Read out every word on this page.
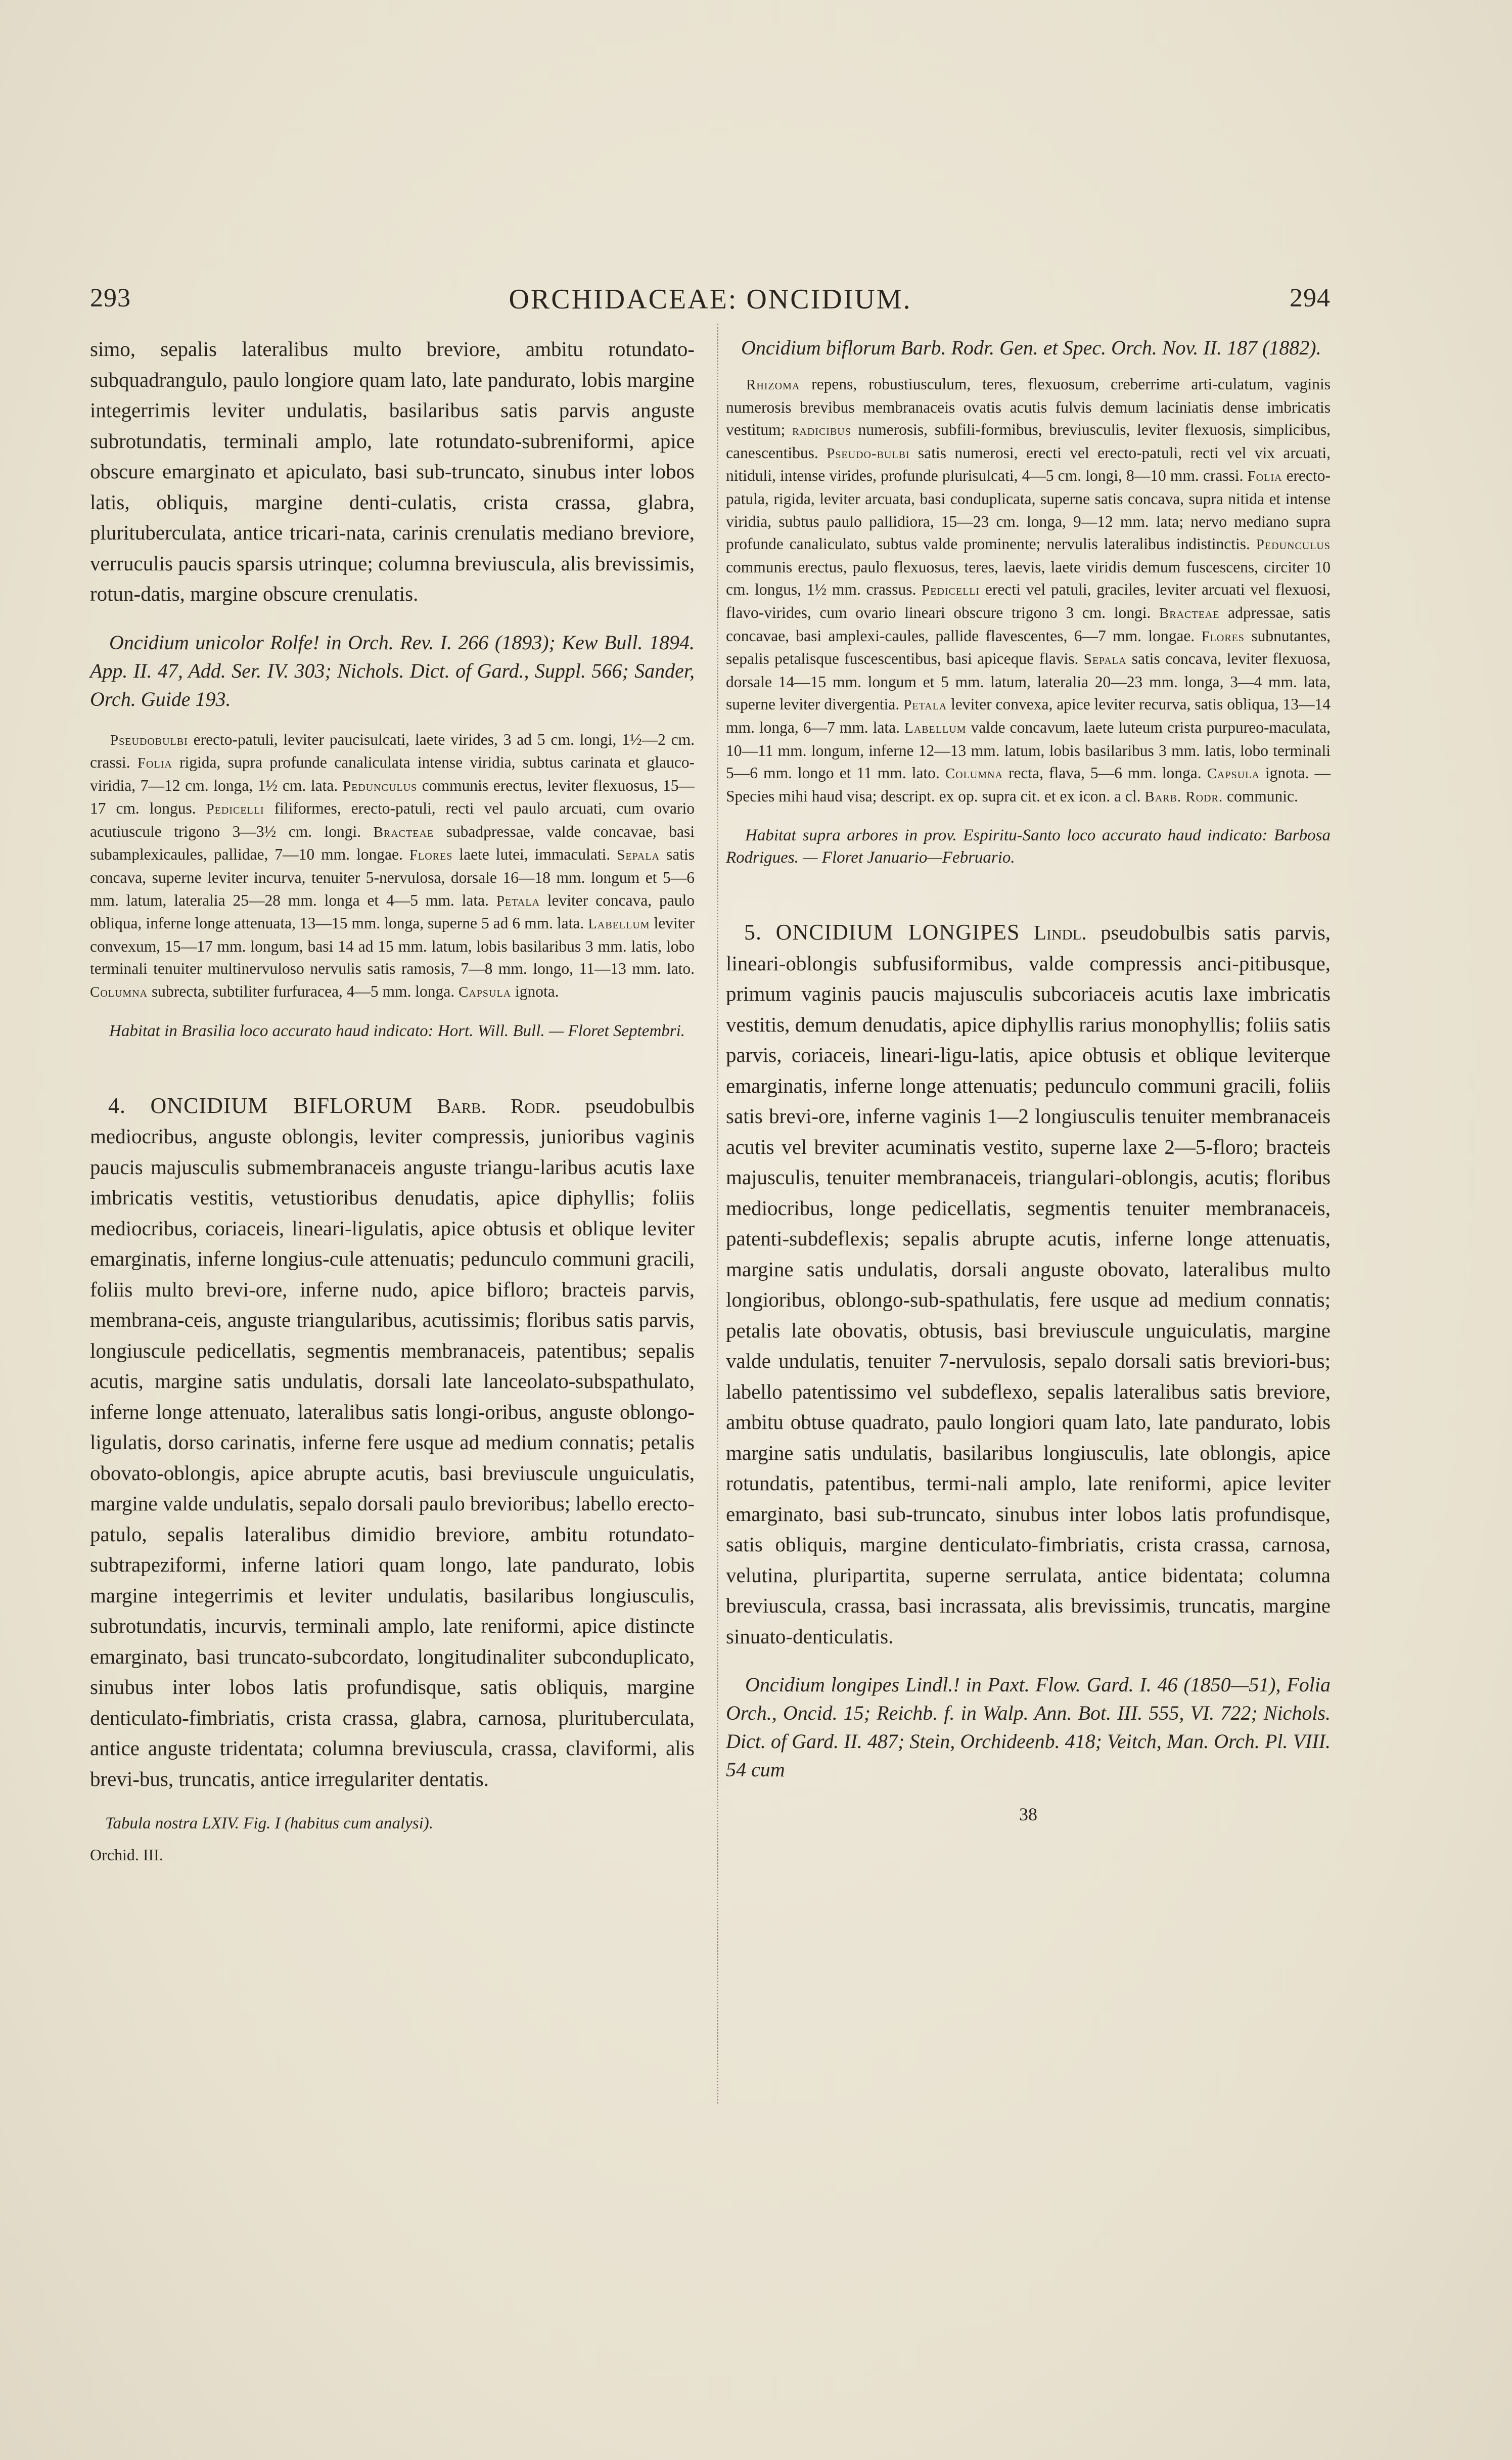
293	ORCHIDACEAE: ONCIDIUM.	294

simo, sepalis lateralibus multo breviore, ambitu rotundato-subquadrangulo, paulo longiore quam lato, late pandurato, lobis margine integerrimis leviter undulatis, basilaribus satis parvis anguste subrotundatis, terminali amplo, late rotundato-subreniformi, apice obscure emarginato et apiculato, basi sub-truncato, sinubus inter lobos latis, obliquis, margine denti-culatis, crista crassa, glabra, plurituberculata, antice tricari-nata, carinis crenulatis mediano breviore, verruculis paucis sparsis utrinque; columna breviuscula, alis brevissimis, rotun-datis, margine obscure crenulatis.

Oncidium unicolor Rolfe! in Orch. Rev. I. 266 (1893); Kew Bull. 1894. App. II. 47, Add. Ser. IV. 303; Nichols. Dict. of Gard., Suppl. 566; Sander, Orch. Guide 193.

Pseudobulbi erecto-patuli, leviter paucisulcati, laete virides, 3 ad 5 cm. longi, 1½—2 cm. crassi. Folia rigida, supra profunde canaliculata intense viridia, subtus carinata et glauco-viridia, 7—12 cm. longa, 1½ cm. lata. Pedunculus communis erectus, leviter flexuosus, 15—17 cm. longus. Pedicelli filiformes, erecto-patuli, recti vel paulo arcuati, cum ovario acutiuscule trigono 3—3½ cm. longi. Bracteae subadpressae, valde concavae, basi subamplexicaules, pallidae, 7—10 mm. longae. Flores laete lutei, immaculati. Sepala satis concava, superne leviter incurva, tenuiter 5-nervulosa, dorsale 16—18 mm. longum et 5—6 mm. latum, lateralia 25—28 mm. longa et 4—5 mm. lata. Petala leviter concava, paulo obliqua, inferne longe attenuata, 13—15 mm. longa, superne 5 ad 6 mm. lata. Labellum leviter convexum, 15—17 mm. longum, basi 14 ad 15 mm. latum, lobis basilaribus 3 mm. latis, lobo terminali tenuiter multinervuloso nervulis satis ramosis, 7—8 mm. longo, 11—13 mm. lato. Columna subrecta, subtiliter furfuracea, 4—5 mm. longa. Capsula ignota.

Habitat in Brasilia loco accurato haud indicato: Hort. Will. Bull. — Floret Septembri.

4. ONCIDIUM BIFLORUM Barb. Rodr. pseudobulbis mediocribus, anguste oblongis, leviter compressis, junioribus vaginis paucis majusculis submembranaceis anguste triangu-laribus acutis laxe imbricatis vestitis, vetustioribus denudatis, apice diphyllis; foliis mediocribus, coriaceis, lineari-ligulatis, apice obtusis et oblique leviter emarginatis, inferne longius-cule attenuatis; pedunculo communi gracili, foliis multo brevi-ore, inferne nudo, apice bifloro; bracteis parvis, membrana-ceis, anguste triangularibus, acutissimis; floribus satis parvis, longiuscule pedicellatis, segmentis membranaceis, patentibus; sepalis acutis, margine satis undulatis, dorsali late lanceolato-subspathulato, inferne longe attenuato, lateralibus satis longi-oribus, anguste oblongo-ligulatis, dorso carinatis, inferne fere usque ad medium connatis; petalis obovato-oblongis, apice abrupte acutis, basi breviuscule unguiculatis, margine valde undulatis, sepalo dorsali paulo brevioribus; labello erecto-patulo, sepalis lateralibus dimidio breviore, ambitu rotundato-subtrapeziformi, inferne latiori quam longo, late pandurato, lobis margine integerrimis et leviter undulatis, basilaribus longiusculis, subrotundatis, incurvis, terminali amplo, late reniformi, apice distincte emarginato, basi truncato-subcordato, longitudinaliter subconduplicato, sinubus inter lobos latis profundisque, satis obliquis, margine denticulato-fimbriatis, crista crassa, glabra, carnosa, plurituberculata, antice anguste tridentata; columna breviuscula, crassa, claviformi, alis brevi-bus, truncatis, antice irregulariter dentatis.

Tabula nostra LXIV. Fig. I (habitus cum analysi).

Orchid. III.

Oncidium biflorum Barb. Rodr. Gen. et Spec. Orch. Nov. II. 187 (1882).

Rhizoma repens, robustiusculum, teres, flexuosum, creberrime arti-culatum, vaginis numerosis brevibus membranaceis ovatis acutis fulvis demum laciniatis dense imbricatis vestitum; radicibus numerosis, subfili-formibus, breviusculis, leviter flexuosis, simplicibus, canescentibus. Pseudo-bulbi satis numerosi, erecti vel erecto-patuli, recti vel vix arcuati, nitiduli, intense virides, profunde plurisulcati, 4—5 cm. longi, 8—10 mm. crassi. Folia erecto-patula, rigida, leviter arcuata, basi conduplicata, superne satis concava, supra nitida et intense viridia, subtus paulo pallidiora, 15—23 cm. longa, 9—12 mm. lata; nervo mediano supra profunde canaliculato, subtus valde prominente; nervulis lateralibus indistinctis. Pedunculus communis erectus, paulo flexuosus, teres, laevis, laete viridis demum fuscescens, circiter 10 cm. longus, 1½ mm. crassus. Pedicelli erecti vel patuli, graciles, leviter arcuati vel flexuosi, flavo-virides, cum ovario lineari obscure trigono 3 cm. longi. Bracteae adpressae, satis concavae, basi amplexi-caules, pallide flavescentes, 6—7 mm. longae. Flores subnutantes, sepalis petalisque fuscescentibus, basi apiceque flavis. Sepala satis concava, leviter flexuosa, dorsale 14—15 mm. longum et 5 mm. latum, lateralia 20—23 mm. longa, 3—4 mm. lata, superne leviter divergentia. Petala leviter convexa, apice leviter recurva, satis obliqua, 13—14 mm. longa, 6—7 mm. lata. Labellum valde concavum, laete luteum crista purpureo-maculata, 10—11 mm. longum, inferne 12—13 mm. latum, lobis basilaribus 3 mm. latis, lobo terminali 5—6 mm. longo et 11 mm. lato. Columna recta, flava, 5—6 mm. longa. Capsula ignota. — Species mihi haud visa; descript. ex op. supra cit. et ex icon. a cl. Barb. Rodr. communic.

Habitat supra arbores in prov. Espiritu-Santo loco accurato haud indicato: Barbosa Rodrigues. — Floret Januario—Februario.

5. ONCIDIUM LONGIPES Lindl. pseudobulbis satis parvis, lineari-oblongis subfusiformibus, valde compressis anci-pitibusque, primum vaginis paucis majusculis subcoriaceis acutis laxe imbricatis vestitis, demum denudatis, apice diphyllis rarius monophyllis; foliis satis parvis, coriaceis, lineari-ligu-latis, apice obtusis et oblique leviterque emarginatis, inferne longe attenuatis; pedunculo communi gracili, foliis satis brevi-ore, inferne vaginis 1—2 longiusculis tenuiter membranaceis acutis vel breviter acuminatis vestito, superne laxe 2—5-floro; bracteis majusculis, tenuiter membranaceis, triangulari-oblongis, acutis; floribus mediocribus, longe pedicellatis, segmentis tenuiter membranaceis, patenti-subdeflexis; sepalis abrupte acutis, inferne longe attenuatis, margine satis undulatis, dorsali anguste obovato, lateralibus multo longioribus, oblongo-sub-spathulatis, fere usque ad medium connatis; petalis late obovatis, obtusis, basi breviuscule unguiculatis, margine valde undulatis, tenuiter 7-nervulosis, sepalo dorsali satis breviori-bus; labello patentissimo vel subdeflexo, sepalis lateralibus satis breviore, ambitu obtuse quadrato, paulo longiori quam lato, late pandurato, lobis margine satis undulatis, basilaribus longiusculis, late oblongis, apice rotundatis, patentibus, termi-nali amplo, late reniformi, apice leviter emarginato, basi sub-truncato, sinubus inter lobos latis profundisque, satis obliquis, margine denticulato-fimbriatis, crista crassa, carnosa, velutina, pluripartita, superne serrulata, antice bidentata; columna breviuscula, crassa, basi incrassata, alis brevissimis, truncatis, margine sinuato-denticulatis.

Oncidium longipes Lindl.! in Paxt. Flow. Gard. I. 46 (1850—51), Folia Orch., Oncid. 15; Reichb. f. in Walp. Ann. Bot. III. 555, VI. 722; Nichols. Dict. of Gard. II. 487; Stein, Orchideenb. 418; Veitch, Man. Orch. Pl. VIII. 54 cum

38
